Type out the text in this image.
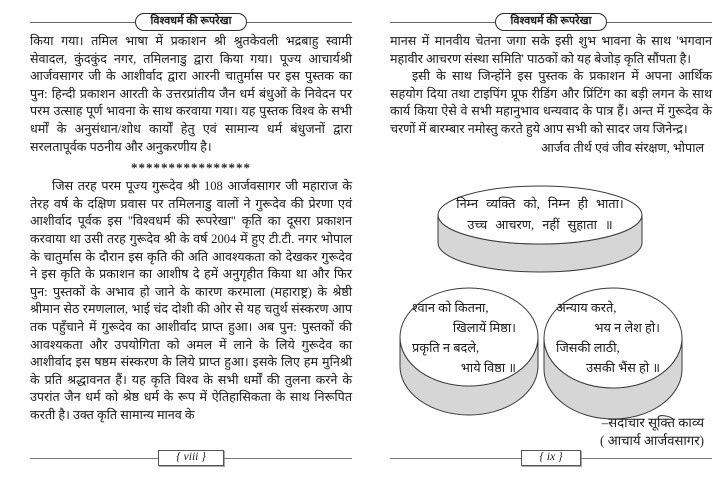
विश्वधर्म की रूपरेखा

किया गया। तमिल भाषा में प्रकाशन श्री श्रुतकेवली भद्रबाहु स्वामी सेवादल, कुंदकुंद नगर, तमिलनाडु द्वारा किया गया। पूज्य आचार्यश्री आर्जवसागर जी के आशीर्वाद द्वारा आरनी चातुर्मास पर इस पुस्तक का पुन: हिन्दी प्रकाशन आरती के उत्तरप्रांतीय जैन धर्म बंधुओं के निवेदन पर परम उत्साह पूर्ण भावना के साथ करवाया गया। यह पुस्तक विश्व के सभी धर्मों के अनुसंधान/शोध कार्यों हेतु एवं सामान्य धर्म बंधुजनों द्वारा सरलतापूर्वक पठनीय और अनुकरणीय है।

****************

जिस तरह परम पूज्य गुरूदेव श्री 108 आर्जवसागर जी महाराज के तेरह वर्ष के दक्षिण प्रवास पर तमिलनाडु वालों ने गुरूदेव की प्रेरणा एवं आशीर्वाद पूर्वक इस ''विश्वधर्म की रूपरेखा'' कृति का दूसरा प्रकाशन करवाया था उसी तरह गुरूदेव श्री के वर्ष 2004 में हुए टी.टी. नगर भोपाल के चातुर्मास के दौरान इस कृति की अति आवश्यकता को देखकर गुरूदेव ने इस कृति के प्रकाशन का आशीष दे हमें अनुगृहीत किया था और फिर पुन: पुस्तकों के अभाव हो जाने के कारण करमाला (महाराष्ट्र) के श्रेष्ठी श्रीमान सेठ रमणलाल, भाई चंद दोशी की ओर से यह चतुर्थ संस्करण आप तक पहुँचाने में गुरूदेव का आशीर्वाद प्राप्त हुआ। अब पुन: पुस्तकों की आवश्यकता और उपयोगिता को अमल में लाने के लिये गुरूदेव का आशीर्वाद इस षष्ठम संस्करण के लिये प्राप्त हुआ। इसके लिए हम मुनिश्री के प्रति श्रद्धावनत हैं। यह कृति विश्व के सभी धर्मों की तुलना करने के उपरांत जैन धर्म को श्रेष्ठ धर्म के रूप में ऐतिहासिकता के साथ निरूपित करती है। उक्त कृति सामान्य मानव के

{ viii }
विश्वधर्म की रूपरेखा

मानस में मानवीय चेतना जगा सके इसी शुभ भावना के साथ 'भगवान महावीर आचरण संस्था समिति' पाठकों को यह बेजोड़ कृति सौंपता है।

इसी के साथ जिन्होंने इस पुस्तक के प्रकाशन में अपना आर्थिक सहयोग दिया तथा टाइपिंग प्रूफ रीडिंग और प्रिंटिंग का बड़ी लगन के साथ कार्य किया ऐसे वे सभी महानुभाव धन्यवाद के पात्र हैं। अन्त में गुरूदेव के चरणों में बारम्बार नमोस्तु करते हुये आप सभी को सादर जय जिनेन्द्र।

आर्जव तीर्थ एवं जीव संरक्षण, भोपाल
निम्न व्यक्ति को, निम्न ही भाता।
उच्च आचरण, नहीं सुहाता ॥
श्वान को कितना,
खिलायें मिष्ठा।
प्रकृति न बदले,
भाये विष्ठा ॥
अन्याय करते,
भय न लेश हो।
जिसकी लाठी,
उसकी भैंस हो ॥
–सदाचार सूक्ति काव्य
( आचार्य आर्जवसागर)
{ ix }
